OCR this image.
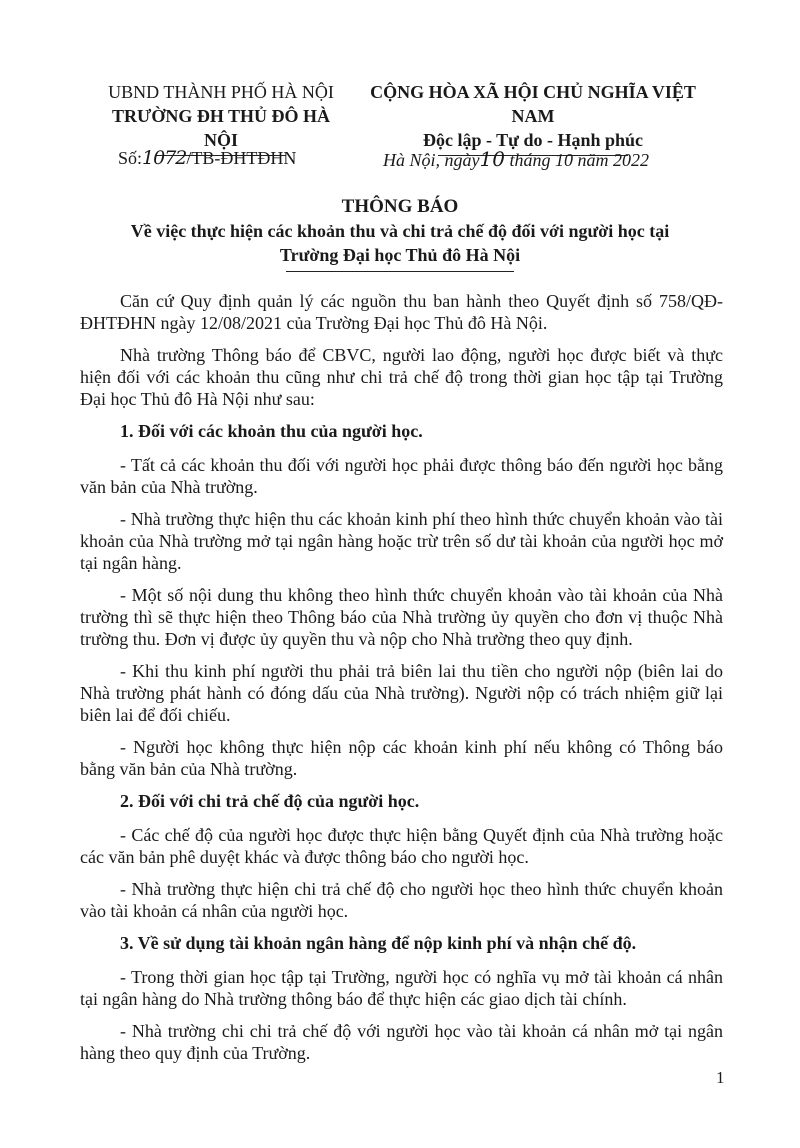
UBND THÀNH PHỐ HÀ NỘI
TRƯỜNG ĐH THỦ ĐÔ HÀ NỘI
CỘNG HÒA XÃ HỘI CHỦ NGHĨA VIỆT NAM
Độc lập - Tự do - Hạnh phúc
Số:1072/TB-ĐHTĐHN	Hà Nội, ngày10 tháng 10 năm 2022
THÔNG BÁO
Về việc thực hiện các khoản thu và chi trả chế độ đối với người học tại
Trường Đại học Thủ đô Hà Nội

Căn cứ Quy định quản lý các nguồn thu ban hành theo Quyết định số 758/QĐ-ĐHTĐHN ngày 12/08/2021 của Trường Đại học Thủ đô Hà Nội.

Nhà trường Thông báo để CBVC, người lao động, người học được biết và thực hiện đối với các khoản thu cũng như chi trả chế độ trong thời gian học tập tại Trường Đại học Thủ đô Hà Nội như sau:

1. Đối với các khoản thu của người học.

- Tất cả các khoản thu đối với người học phải được thông báo đến người học bằng văn bản của Nhà trường.

- Nhà trường thực hiện thu các khoản kinh phí theo hình thức chuyển khoản vào tài khoản của Nhà trường mở tại ngân hàng hoặc trừ trên số dư tài khoản của người học mở tại ngân hàng.

- Một số nội dung thu không theo hình thức chuyển khoản vào tài khoản của Nhà trường thì sẽ thực hiện theo Thông báo của Nhà trường ủy quyền cho đơn vị thuộc Nhà trường thu. Đơn vị được ủy quyền thu và nộp cho Nhà trường theo quy định.

- Khi thu kinh phí người thu phải trả biên lai thu tiền cho người nộp (biên lai do Nhà trường phát hành có đóng dấu của Nhà trường). Người nộp có trách nhiệm giữ lại biên lai để đối chiếu.

- Người học không thực hiện nộp các khoản kinh phí nếu không có Thông báo bằng văn bản của Nhà trường.

2. Đối với chi trả chế độ của người học.

- Các chế độ của người học được thực hiện bằng Quyết định của Nhà trường hoặc các văn bản phê duyệt khác và được thông báo cho người học.

- Nhà trường thực hiện chi trả chế độ cho người học theo hình thức chuyển khoản vào tài khoản cá nhân của người học.

3. Về sử dụng tài khoản ngân hàng để nộp kinh phí và nhận chế độ.

- Trong thời gian học tập tại Trường, người học có nghĩa vụ mở tài khoản cá nhân tại ngân hàng do Nhà trường thông báo để thực hiện các giao dịch tài chính.

- Nhà trường chi chi trả chế độ với người học vào tài khoản cá nhân mở tại ngân hàng theo quy định của Trường.

1
